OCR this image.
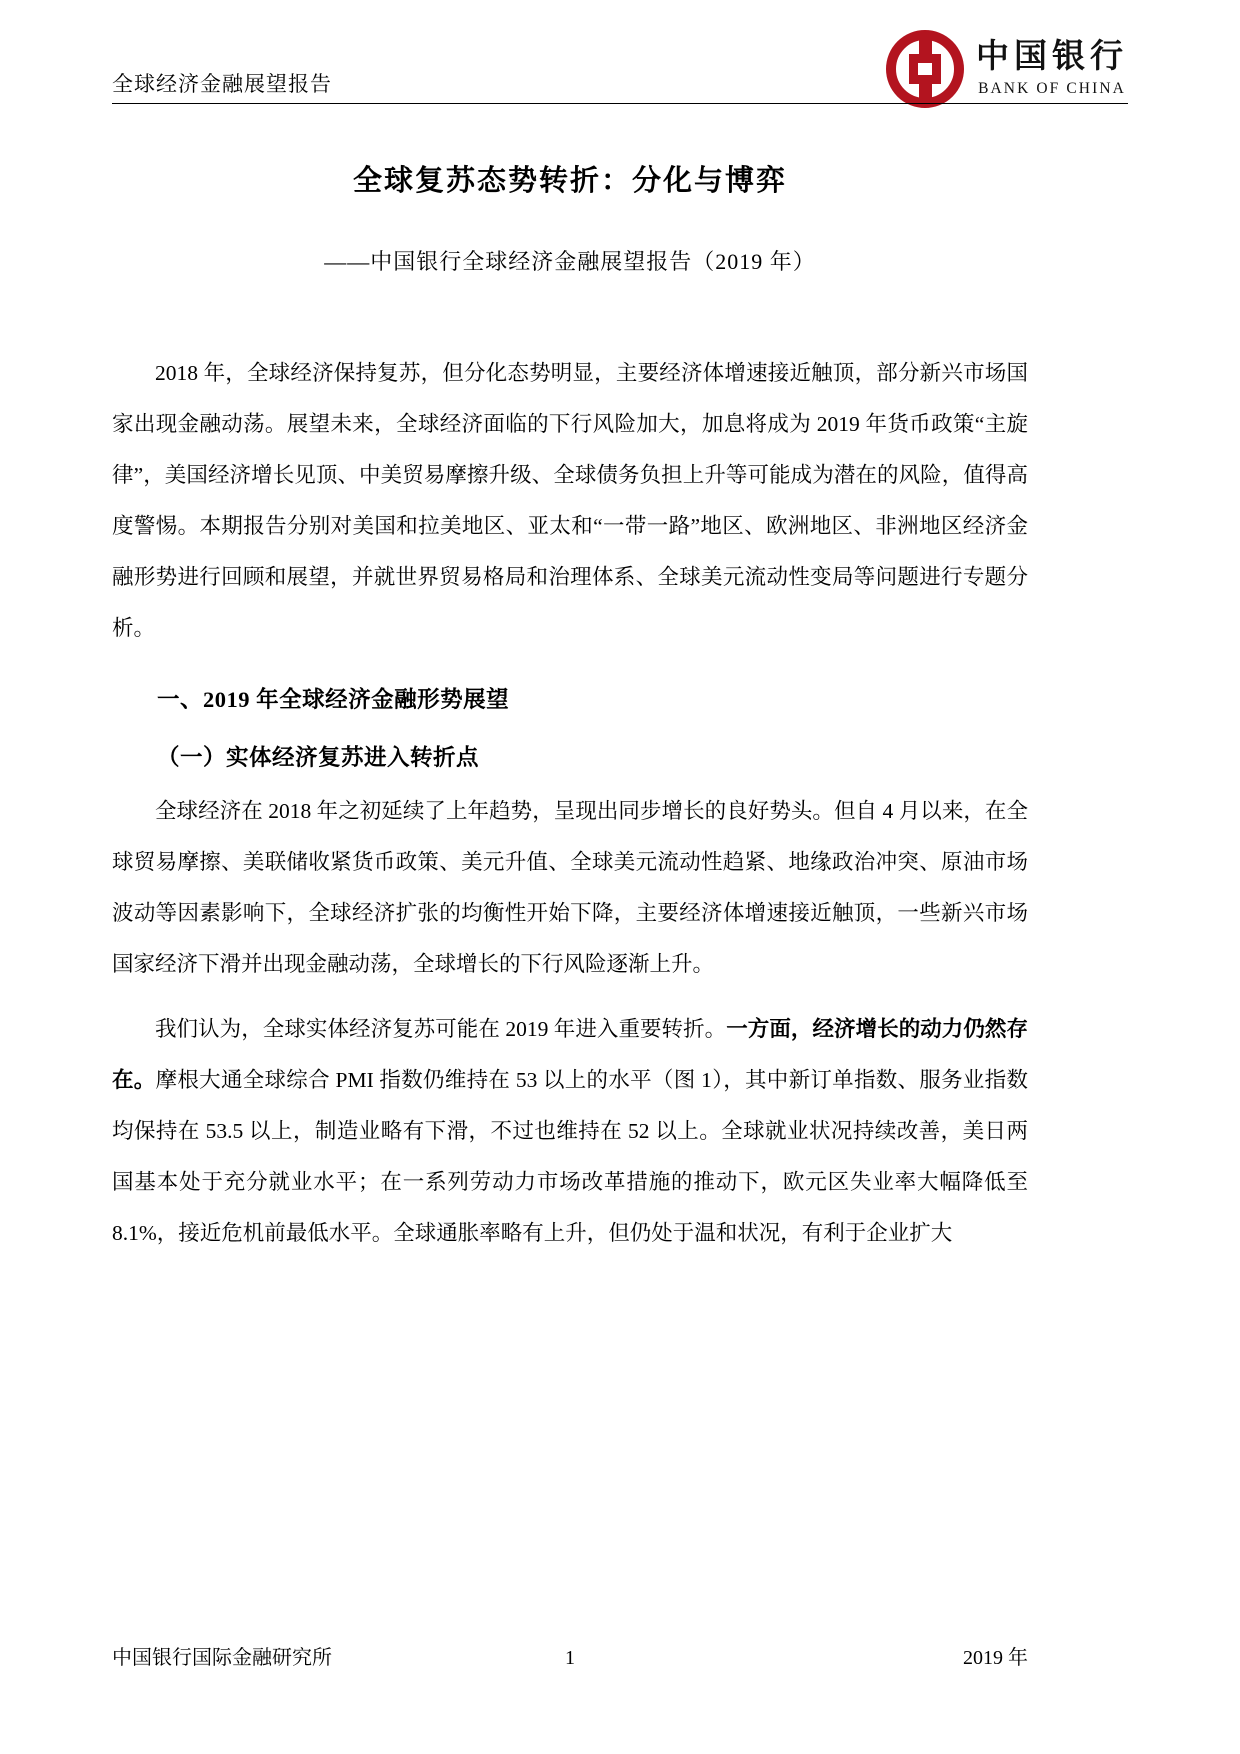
全球经济金融展望报告
中国银行
BANK OF CHINA
全球复苏态势转折：分化与博弈
——中国银行全球经济金融展望报告（2019 年）

2018 年，全球经济保持复苏，但分化态势明显，主要经济体增速接近触顶，部分新兴市场国家出现金融动荡。展望未来，全球经济面临的下行风险加大，加息将成为 2019 年货币政策“主旋律”，美国经济增长见顶、中美贸易摩擦升级、全球债务负担上升等可能成为潜在的风险，值得高度警惕。本期报告分别对美国和拉美地区、亚太和“一带一路”地区、欧洲地区、非洲地区经济金融形势进行回顾和展望，并就世界贸易格局和治理体系、全球美元流动性变局等问题进行专题分析。

一、2019 年全球经济金融形势展望
（一）实体经济复苏进入转折点

全球经济在 2018 年之初延续了上年趋势，呈现出同步增长的良好势头。但自 4 月以来，在全球贸易摩擦、美联储收紧货币政策、美元升值、全球美元流动性趋紧、地缘政治冲突、原油市场波动等因素影响下，全球经济扩张的均衡性开始下降，主要经济体增速接近触顶，一些新兴市场国家经济下滑并出现金融动荡，全球增长的下行风险逐渐上升。

我们认为，全球实体经济复苏可能在 2019 年进入重要转折。一方面，经济增长的动力仍然存在。摩根大通全球综合 PMI 指数仍维持在 53 以上的水平（图 1），其中新订单指数、服务业指数均保持在 53.5 以上，制造业略有下滑，不过也维持在 52 以上。全球就业状况持续改善，美日两国基本处于充分就业水平；在一系列劳动力市场改革措施的推动下，欧元区失业率大幅降低至 8.1%，接近危机前最低水平。全球通胀率略有上升，但仍处于温和状况，有利于企业扩大

中国银行国际金融研究所	1	2019 年
